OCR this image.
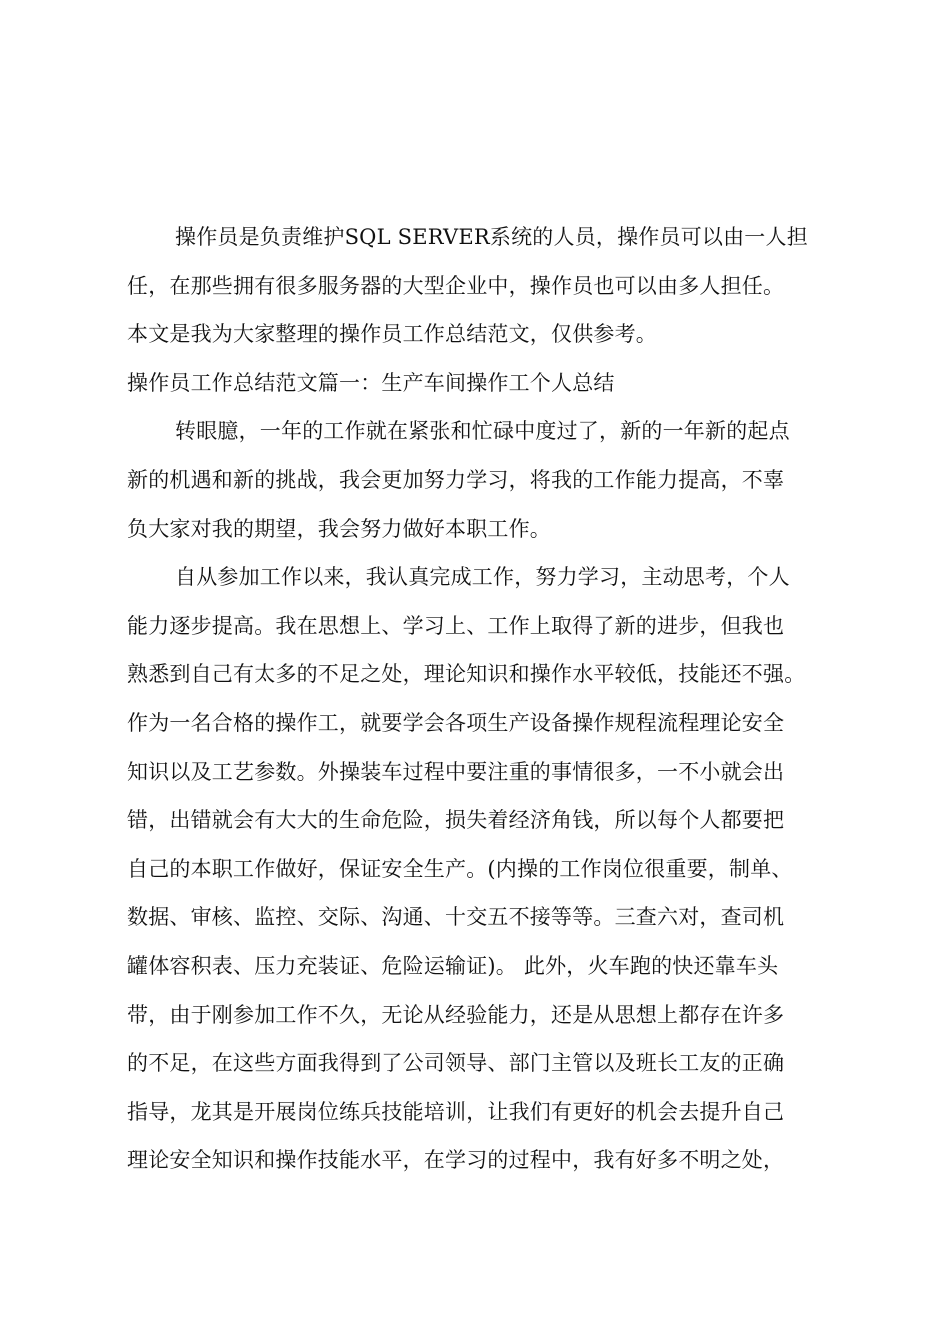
操作员是负责维护SQL SERVER系统的人员，操作员可以由一人担
任，在那些拥有很多服务器的大型企业中，操作员也可以由多人担任。
本文是我为大家整理的操作员工作总结范文，仅供参考。
操作员工作总结范文篇一：生产车间操作工个人总结
转眼臆，一年的工作就在紧张和忙碌中度过了，新的一年新的起点
新的机遇和新的挑战，我会更加努力学习，将我的工作能力提高，不辜
负大家对我的期望，我会努力做好本职工作。
自从参加工作以来，我认真完成工作，努力学习，主动思考，个人
能力逐步提高。我在思想上、学习上、工作上取得了新的进步，但我也
熟悉到自己有太多的不足之处，理论知识和操作水平较低，技能还不强。
作为一名合格的操作工，就要学会各项生产设备操作规程流程理论安全
知识以及工艺参数。外操装车过程中要注重的事情很多，一不小就会出
错，出错就会有大大的生命危险，损失着经济角钱，所以每个人都要把
自己的本职工作做好，保证安全生产。(内操的工作岗位很重要，制单、
数据、审核、监控、交际、沟通、十交五不接等等。三查六对，查司机
罐体容积表、压力充装证、危险运输证)。 此外，火车跑的快还靠车头
带，由于刚参加工作不久，无论从经验能力，还是从思想上都存在许多
的不足，在这些方面我得到了公司领导、部门主管以及班长工友的正确
指导，龙其是开展岗位练兵技能培训，让我们有更好的机会去提升自己
理论安全知识和操作技能水平，在学习的过程中，我有好多不明之处，
